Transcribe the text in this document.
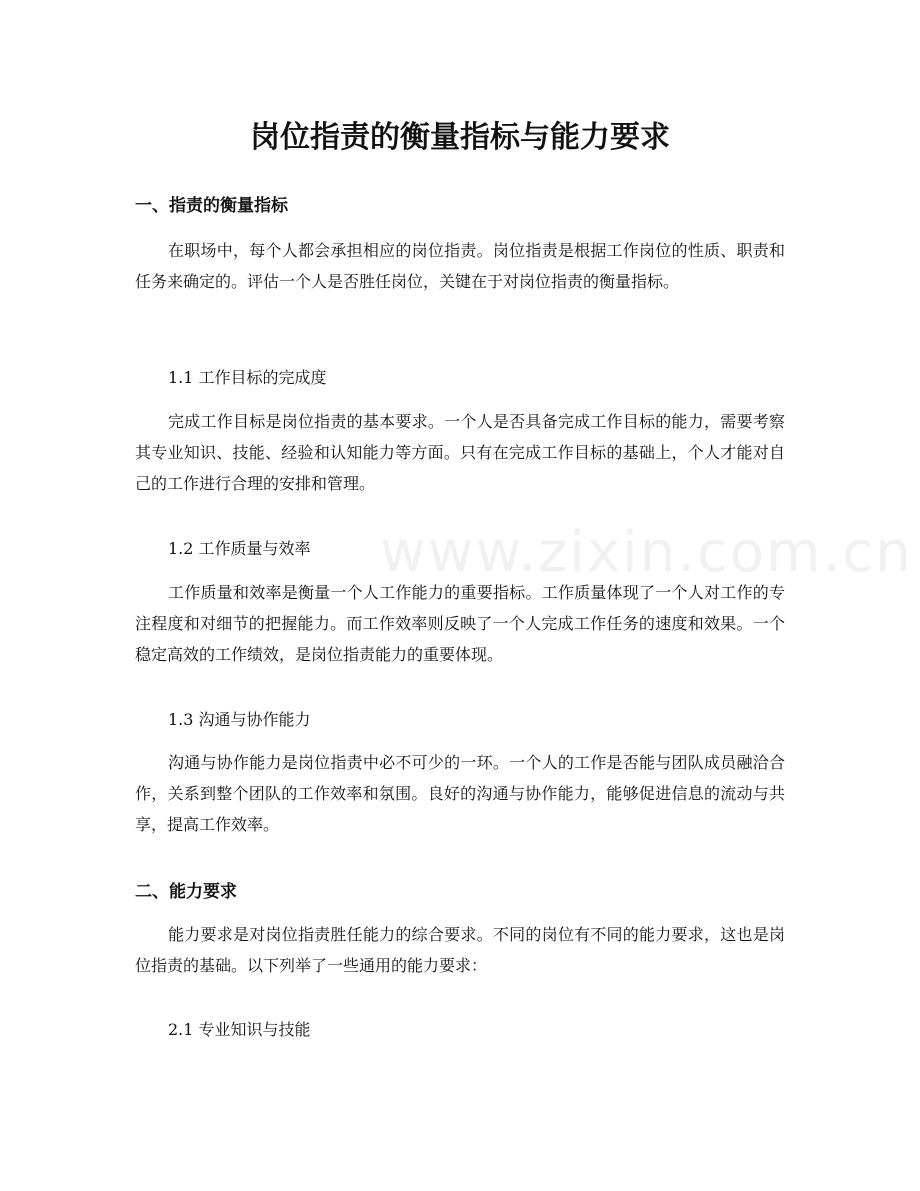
www.zixin.com.cn
岗位指责的衡量指标与能力要求
一、指责的衡量指标

在职场中，每个人都会承担相应的岗位指责。岗位指责是根据工作岗位的性质、职责和任务来确定的。评估一个人是否胜任岗位，关键在于对岗位指责的衡量指标。

1.1 工作目标的完成度

完成工作目标是岗位指责的基本要求。一个人是否具备完成工作目标的能力，需要考察其专业知识、技能、经验和认知能力等方面。只有在完成工作目标的基础上，个人才能对自己的工作进行合理的安排和管理。

1.2 工作质量与效率

工作质量和效率是衡量一个人工作能力的重要指标。工作质量体现了一个人对工作的专注程度和对细节的把握能力。而工作效率则反映了一个人完成工作任务的速度和效果。一个稳定高效的工作绩效，是岗位指责能力的重要体现。

1.3 沟通与协作能力

沟通与协作能力是岗位指责中必不可少的一环。一个人的工作是否能与团队成员融洽合作，关系到整个团队的工作效率和氛围。良好的沟通与协作能力，能够促进信息的流动与共享，提高工作效率。

二、能力要求

能力要求是对岗位指责胜任能力的综合要求。不同的岗位有不同的能力要求，这也是岗位指责的基础。以下列举了一些通用的能力要求：

2.1 专业知识与技能
